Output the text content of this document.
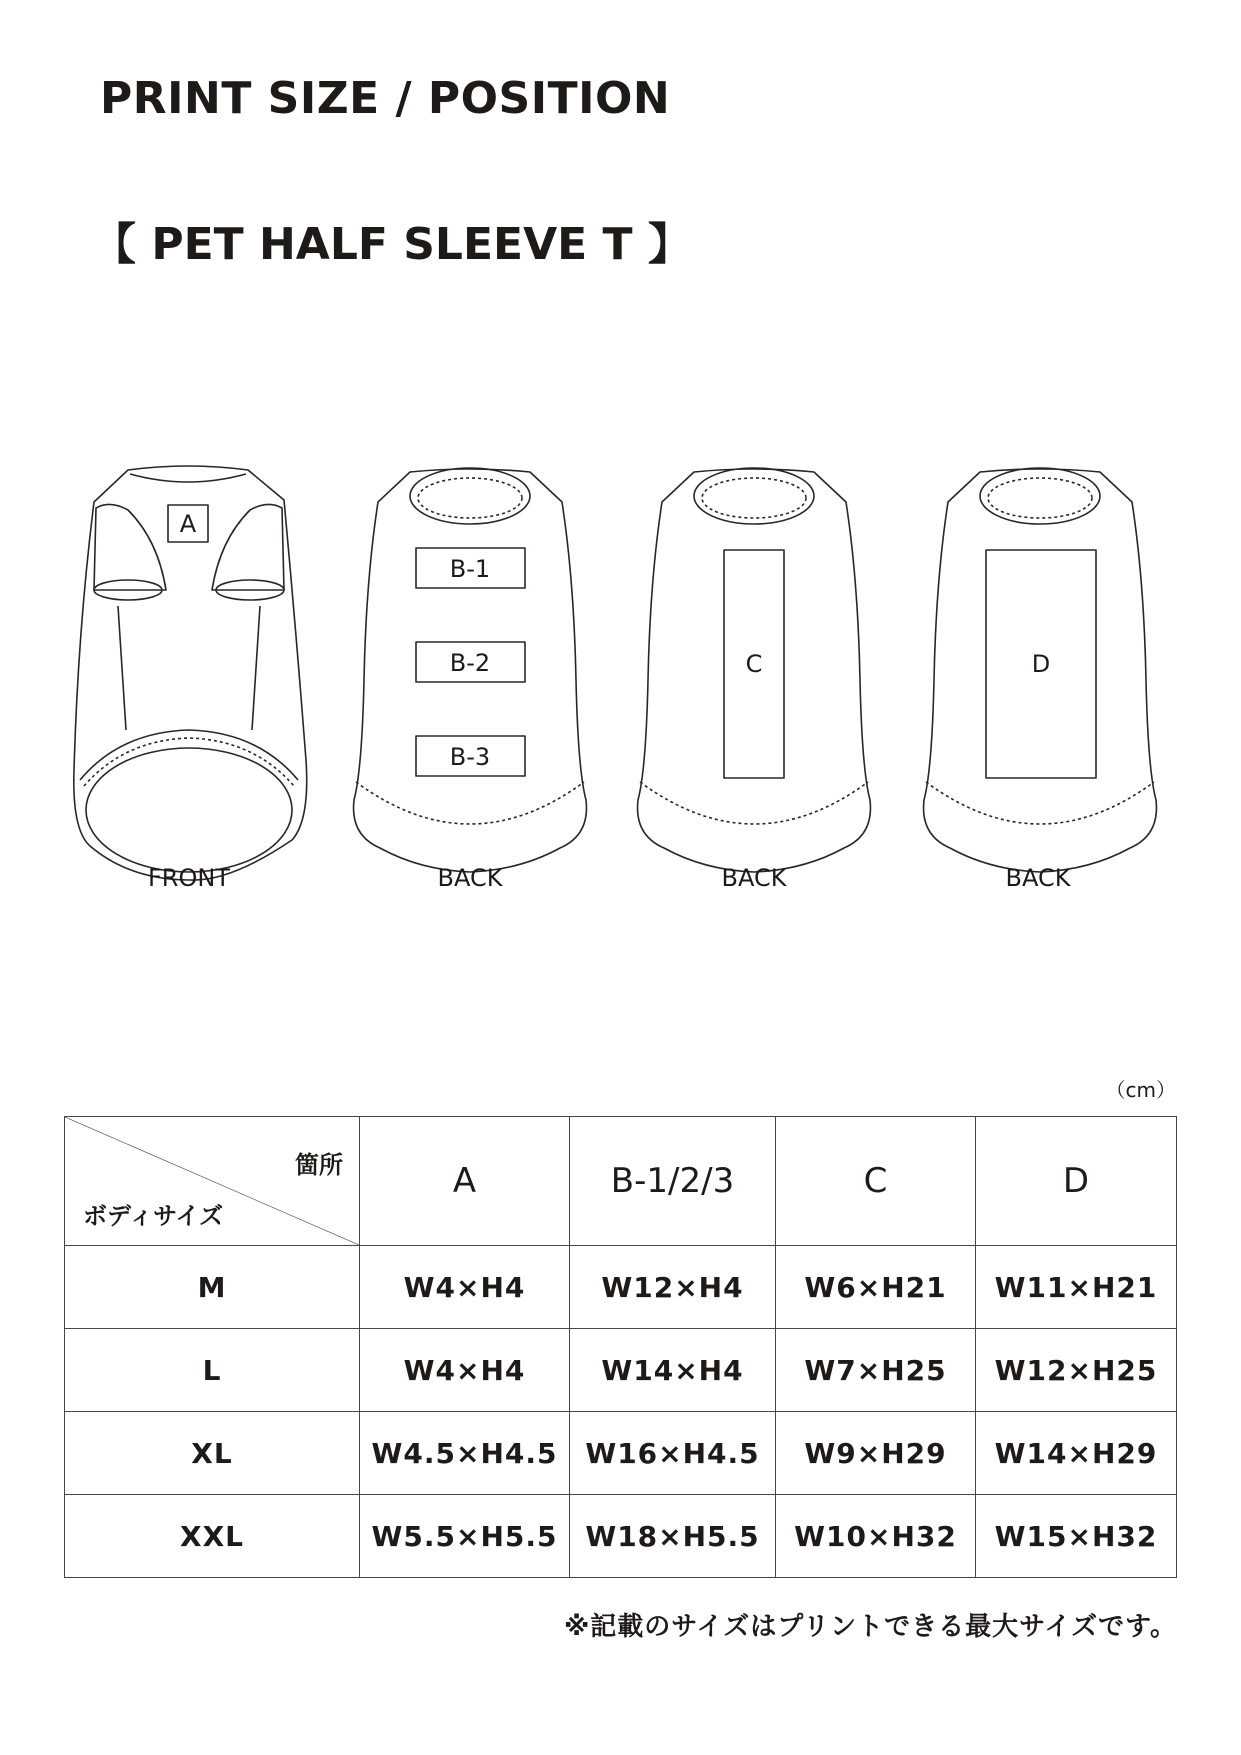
PRINT SIZE / POSITION
【 PET HALF SLEEVE T 】
A
B-1
B-2
B-3
C	D
FRONT	BACK	BACK	BACK
（cm）
箇所
ボディサイズ	A	B-1/2/3	C	D
M	W4×H4	W12×H4	W6×H21	W11×H21
L	W4×H4	W14×H4	W7×H25	W12×H25
XL	W4.5×H4.5	W16×H4.5	W9×H29	W14×H29
XXL	W5.5×H5.5	W18×H5.5	W10×H32	W15×H32
※記載のサイズはプリントできる最大サイズです。
